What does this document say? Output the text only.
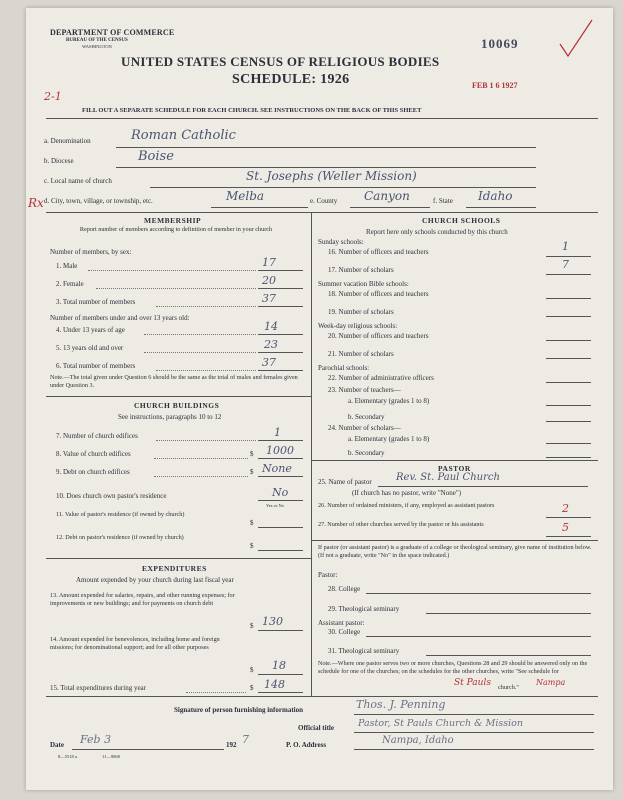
DEPARTMENT OF COMMERCE
BUREAU OF THE CENSUS
WASHINGTON	10069
UNITED STATES CENSUS OF RELIGIOUS BODIES
SCHEDULE: 1926	FEB 1 6 1927
2-1
FILL OUT A SEPARATE SCHEDULE FOR EACH CHURCH. SEE INSTRUCTIONS ON THE BACK OF THIS SHEET
a. Denomination	Roman Catholic
b. Diocese	Boise
c. Local name of church	St. Josephs (Weller Mission)
Rx d. City, town, village, or township, etc.	Melba	e. County Canyon	f. State Idaho
MEMBERSHIP
Report number of members according to definition of member in your church
Number of members, by sex:
1. Male	17
2. Female	20
3. Total number of members	37
Number of members under and over 13 years old:
4. Under 13 years of age	14
5. 13 years old and over	23
6. Total number of members	37
Note.—The total given under Question 6 should be the same as the total of males and females given under Question 3.
CHURCH BUILDINGS
See instructions, paragraphs 10 to 12
7. Number of church edifices	1
8. Value of church edifices	$ 1000
9. Debt on church edifices	$ None
10. Does church own pastor's residence	No
Yes or No
11. Value of pastor's residence (if owned by church)
$
12. Debt on pastor's residence (if owned by church)
$
EXPENDITURES
Amount expended by your church during last fiscal year
13. Amount expended for salaries, repairs, and other running expenses; for improvements or new buildings; and for payments on church debt
$ 130
14. Amount expended for benevolences, including home and foreign missions; for denominational support; and for all other purposes
$ 18
15. Total expenditures during year	$ 148
CHURCH SCHOOLS
Report here only schools conducted by this church
Sunday schools:
16. Number of officers and teachers	1
17. Number of scholars	7
Summer vacation Bible schools:
18. Number of officers and teachers
19. Number of scholars
Week-day religious schools:
20. Number of officers and teachers
21. Number of scholars
Parochial schools:
22. Number of administrative officers
23. Number of teachers—
a. Elementary (grades 1 to 8)
b. Secondary
24. Number of scholars—
a. Elementary (grades 1 to 8)
b. Secondary
PASTOR
25. Name of pastor Rev. St. Paul Church
(If church has no pastor, write "None")
26. Number of ordained ministers, if any, employed as assistant pastors	2
27. Number of other churches served by the pastor or his assistants	5
If pastor (or assistant pastor) is a graduate of a college or theological seminary, give name of institution below. (If not a graduate, write "No" in the space indicated.)
Pastor:
28. College
29. Theological seminary
Assistant pastor:
30. College
31. Theological seminary
Note.—Where one pastor serves two or more churches, Questions 28 and 29 should be answered only on the schedule for one of the churches; on the schedules for the other churches, write "See schedule for
St Pauls church."
Nampa
Signature of person furnishing information	Thos. J. Penning
Official title	Pastor, St Pauls Church & Mission
Date Feb 3	192 7	P. O. Address	Nampa, Idaho
8—5518 a	11—9068
